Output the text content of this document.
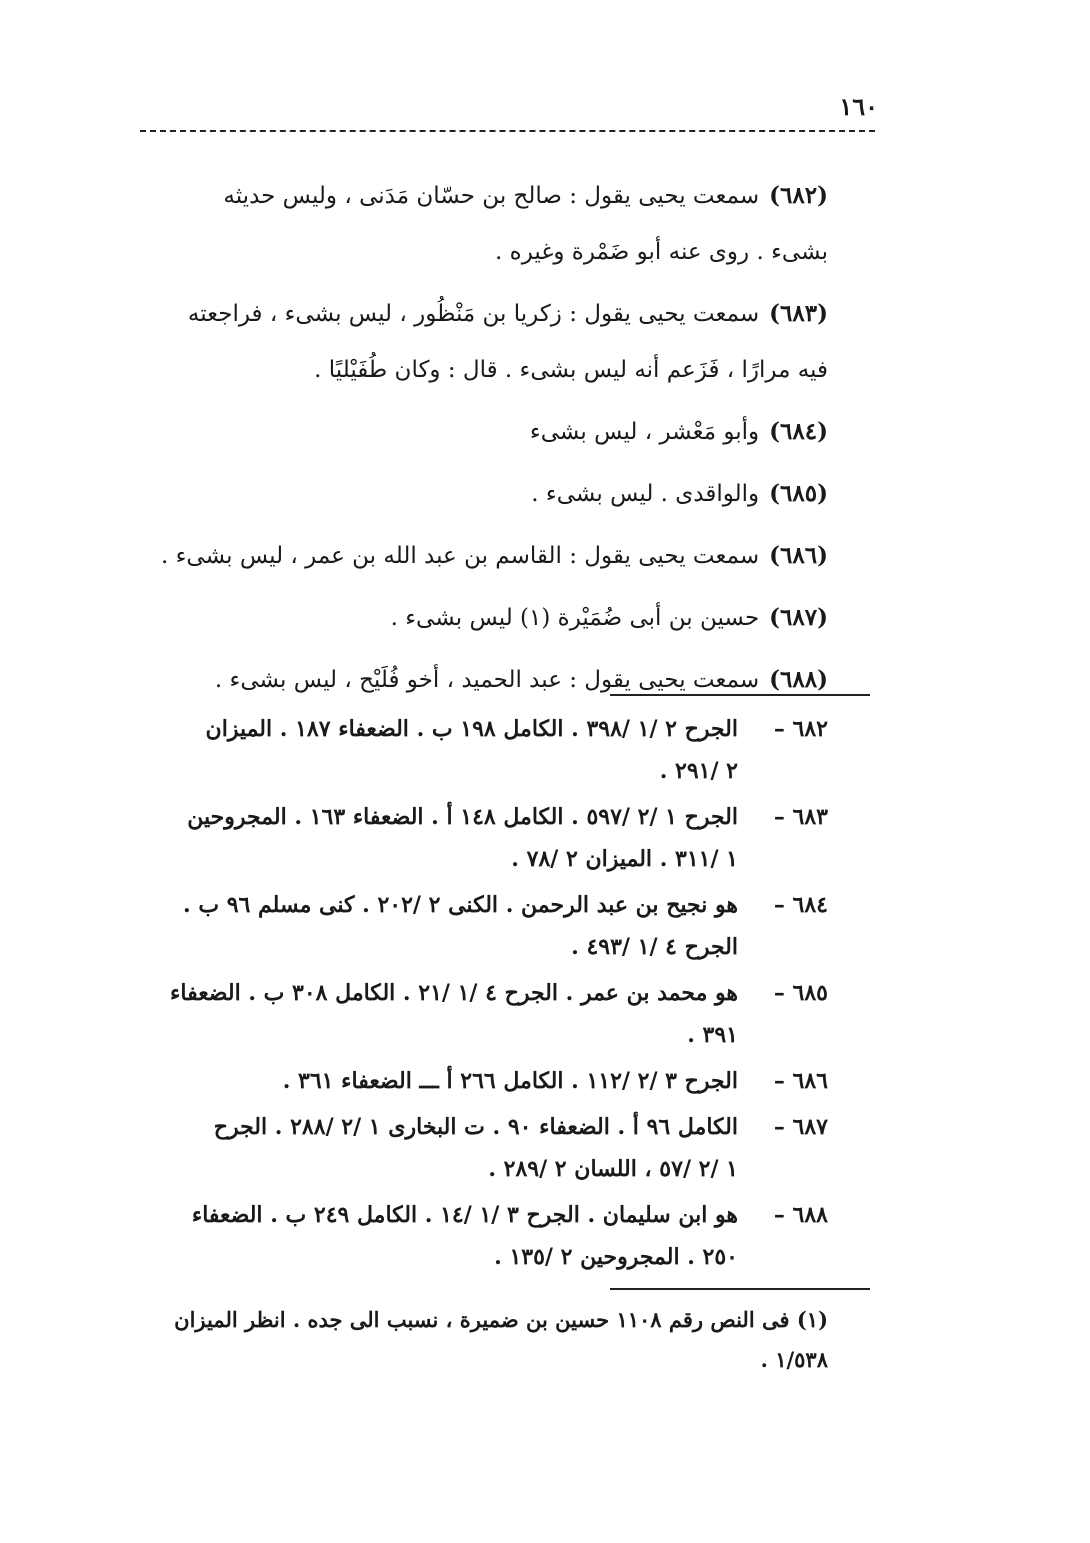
١٦٠

(٦٨٢)سمعت يحيى يقول : صالح بن حسّان مَدَنى ، وليس حديثه
بشىء . روى عنه أبو ضَمْرة وغيره .

(٦٨٣)سمعت يحيى يقول : زكريا بن مَنْظُور ، ليس بشىء ، فراجعته
فيه مرارًا ، فَزَعم أنه ليس بشىء . قال : وكان طُفَيْليًا .

(٦٨٤)وأبو مَعْشر ، ليس بشىء

(٦٨٥)والواقدى . ليس بشىء .

(٦٨٦)سمعت يحيى يقول : القاسم بن عبد الله بن عمر ، ليس بشىء .

(٦٨٧)حسين بن أبى ضُمَيْرة (١) ليس بشىء .

(٦٨٨)سمعت يحيى يقول : عبد الحميد ، أخو فُلَيْح ، ليس بشىء .

٦٨٢ –الجرح ٢ /١ /٣٩٨ . الكامل ١٩٨ ب . الضعفاء ١٨٧ . الميزان
٢ /٢٩١ .

٦٨٣ –الجرح ١ /٢ /٥٩٧ . الكامل ١٤٨ أ . الضعفاء ١٦٣ . المجروحين
١ /٣١١ . الميزان ٢ /٧٨ .

٦٨٤ –هو نجيح بن عبد الرحمن . الكنى ٢ /٢٠٢ . كنى مسلم ٩٦ ب .
الجرح ٤ /١ /٤٩٣ .

٦٨٥ –هو محمد بن عمر . الجرح ٤ /١ /٢١ . الكامل ٣٠٨ ب . الضعفاء
٣٩١ .

٦٨٦ –الجرح ٣ /٢ /١١٢ . الكامل ٢٦٦ أ ـــ الضعفاء ٣٦١ .

٦٨٧ –الكامل ٩٦ أ . الضعفاء ٩٠ . ت البخارى ١ /٢ /٢٨٨ . الجرح
١ /٢ /٥٧ ، اللسان ٢ /٢٨٩ .

٦٨٨ –هو ابن سليمان . الجرح ٣ /١ /١٤ . الكامل ٢٤٩ ب . الضعفاء
٢٥٠ . المجروحين ٢ /١٣٥ .

(١) فى النص رقم ١١٠٨ حسين بن ضميرة ، نسبب الى جده . انظر الميزان
١/٥٣٨ .
